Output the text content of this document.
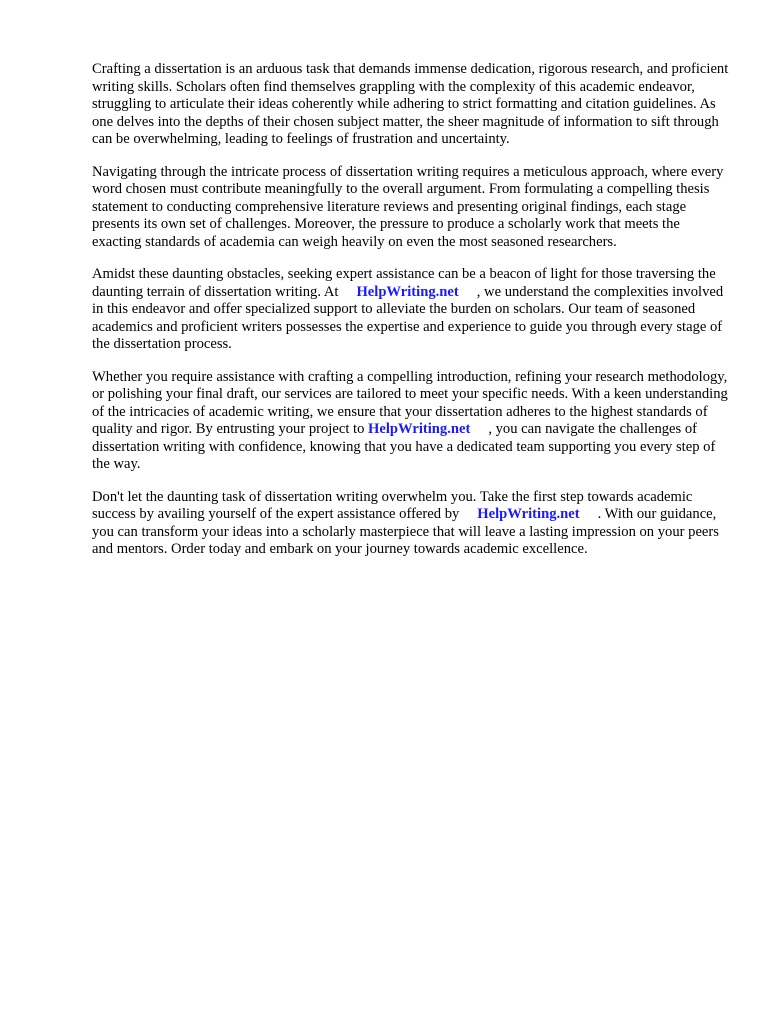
Crafting a dissertation is an arduous task that demands immense dedication, rigorous research, and proficient writing skills. Scholars often find themselves grappling with the complexity of this academic endeavor, struggling to articulate their ideas coherently while adhering to strict formatting and citation guidelines. As one delves into the depths of their chosen subject matter, the sheer magnitude of information to sift through can be overwhelming, leading to feelings of frustration and uncertainty.

Navigating through the intricate process of dissertation writing requires a meticulous approach, where every word chosen must contribute meaningfully to the overall argument. From formulating a compelling thesis statement to conducting comprehensive literature reviews and presenting original findings, each stage presents its own set of challenges. Moreover, the pressure to produce a scholarly work that meets the exacting standards of academia can weigh heavily on even the most seasoned researchers.

Amidst these daunting obstacles, seeking expert assistance can be a beacon of light for those traversing the daunting terrain of dissertation writing. At HelpWriting.net , we understand the complexities involved in this endeavor and offer specialized support to alleviate the burden on scholars. Our team of seasoned academics and proficient writers possesses the expertise and experience to guide you through every stage of the dissertation process.

Whether you require assistance with crafting a compelling introduction, refining your research methodology, or polishing your final draft, our services are tailored to meet your specific needs. With a keen understanding of the intricacies of academic writing, we ensure that your dissertation adheres to the highest standards of quality and rigor. By entrusting your project to HelpWriting.net , you can navigate the challenges of dissertation writing with confidence, knowing that you have a dedicated team supporting you every step of the way.

Don't let the daunting task of dissertation writing overwhelm you. Take the first step towards academic success by availing yourself of the expert assistance offered by HelpWriting.net . With our guidance, you can transform your ideas into a scholarly masterpiece that will leave a lasting impression on your peers and mentors. Order today and embark on your journey towards academic excellence.
